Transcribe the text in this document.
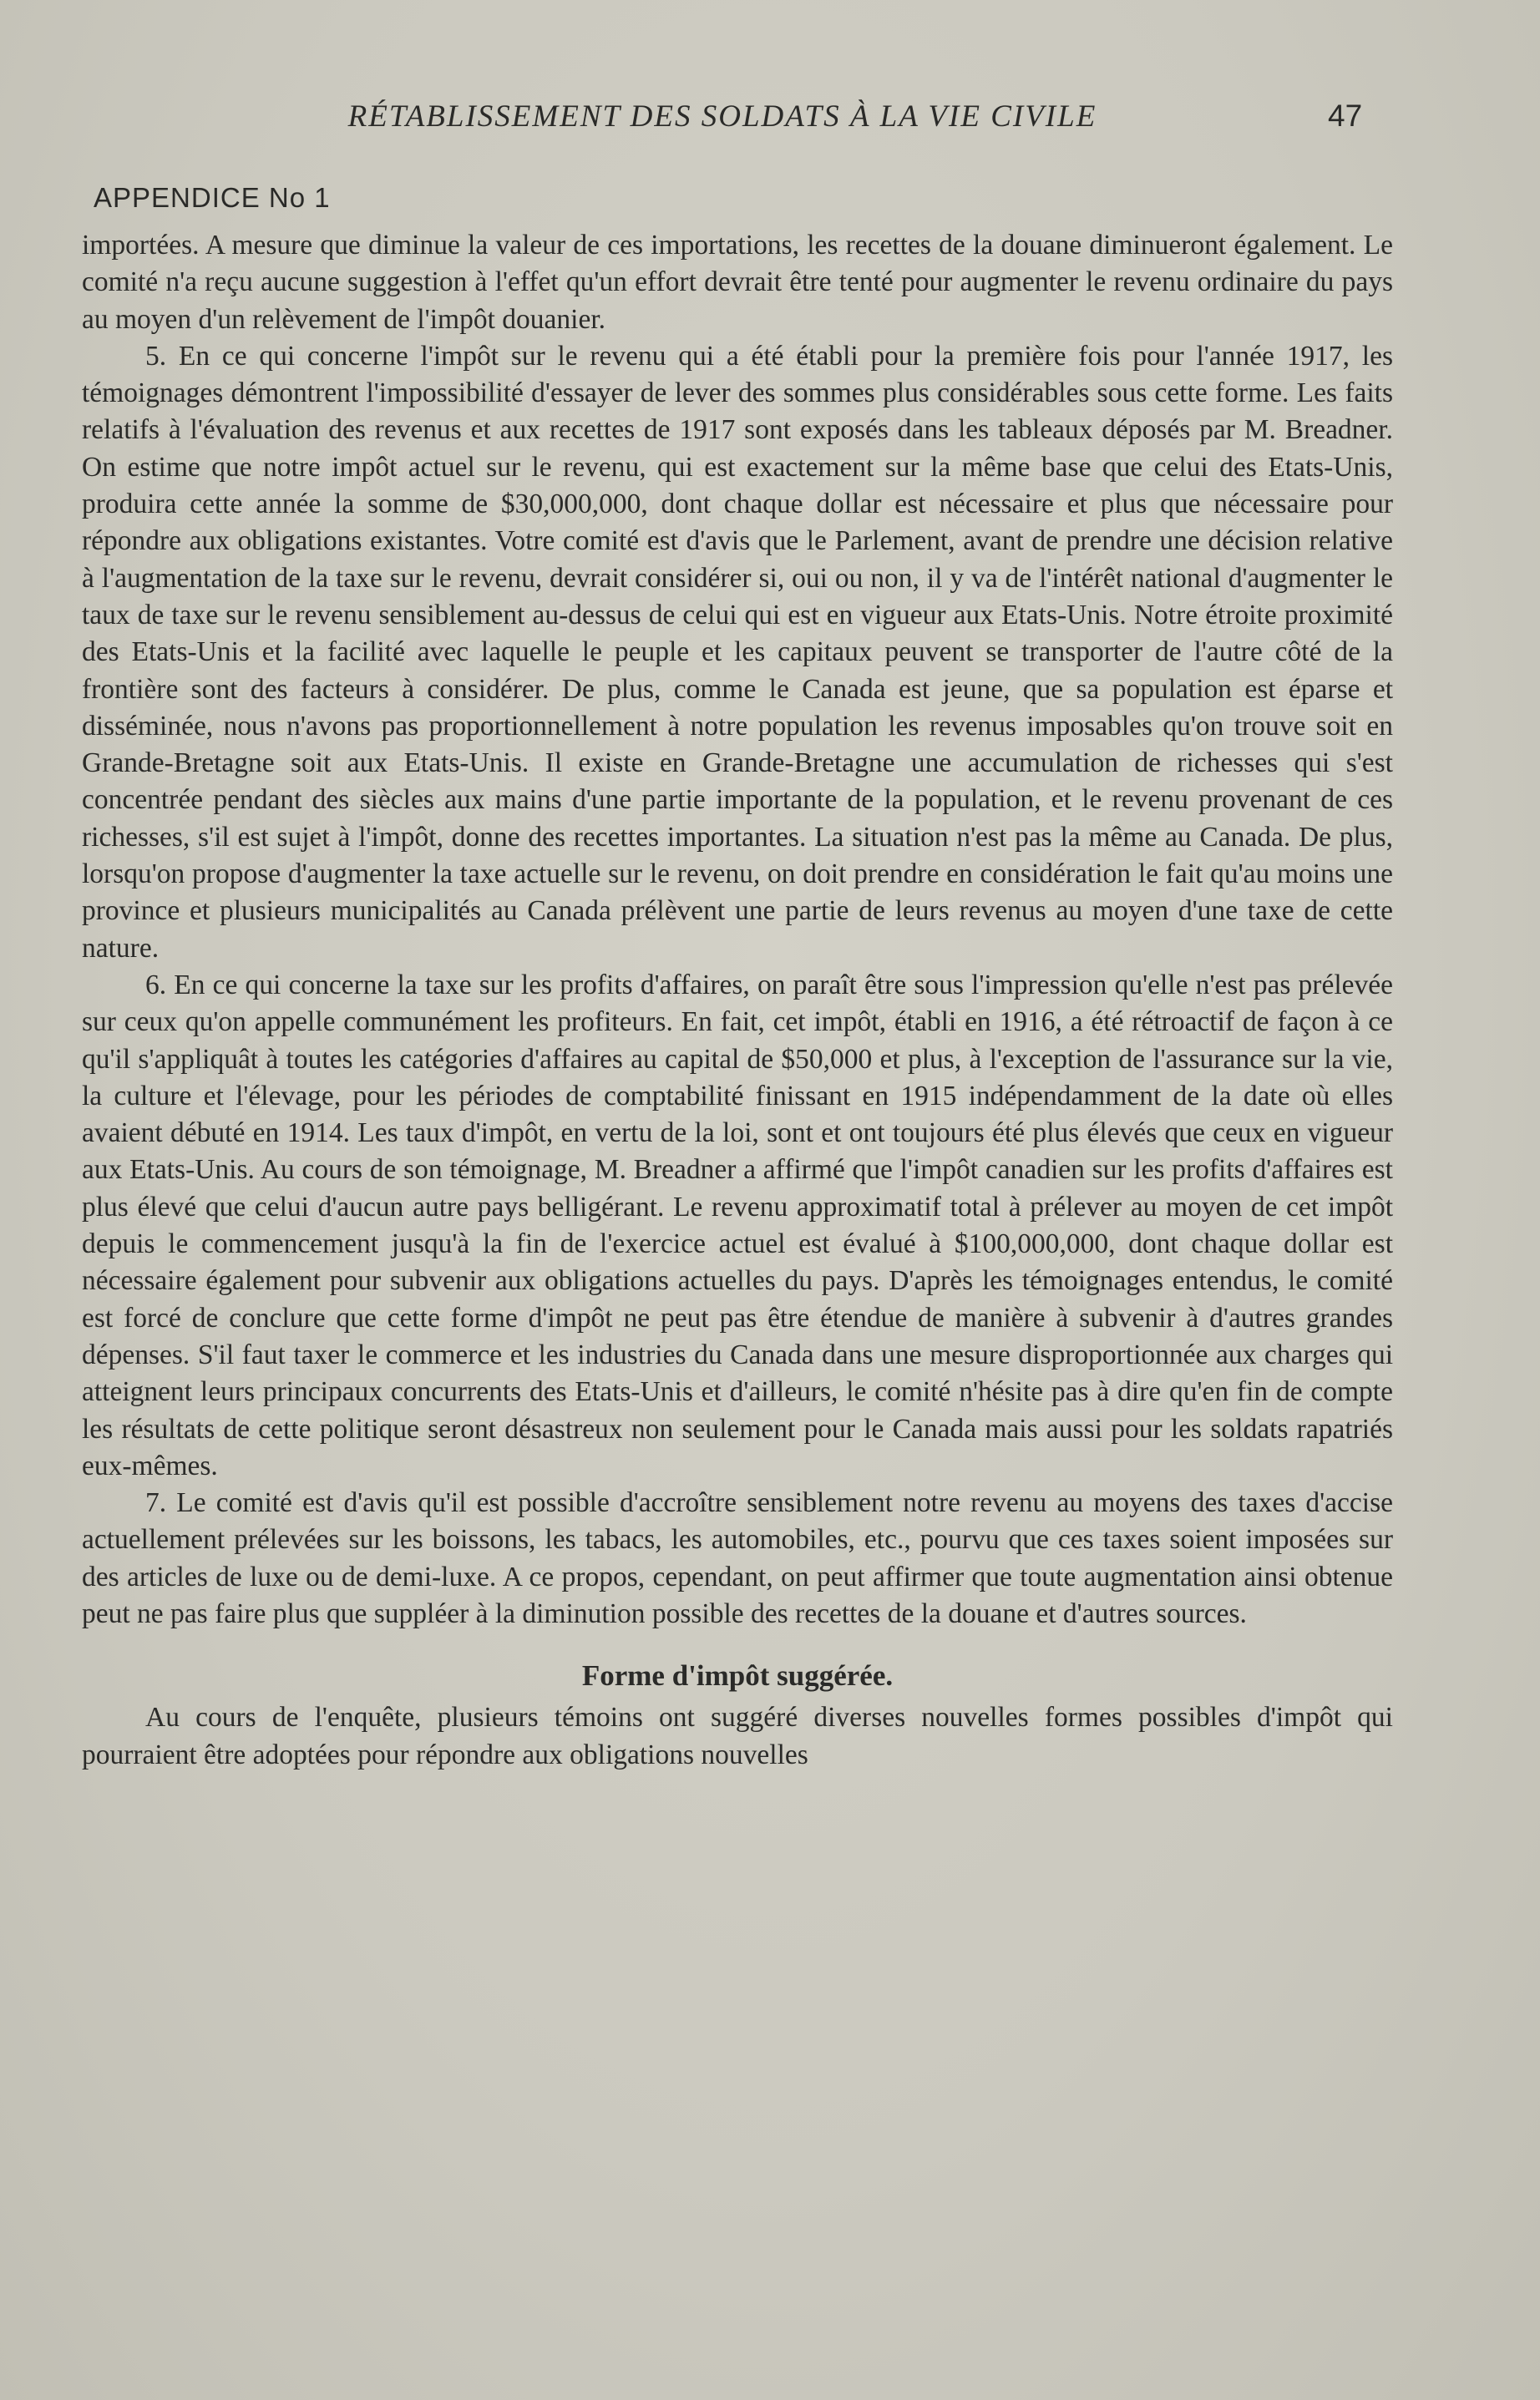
RÉTABLISSEMENT DES SOLDATS À LA VIE CIVILE	47
APPENDICE No 1

importées. A mesure que diminue la valeur de ces importations, les recettes de la douane diminueront également. Le comité n'a reçu aucune suggestion à l'effet qu'un effort devrait être tenté pour augmenter le revenu ordinaire du pays au moyen d'un relèvement de l'impôt douanier.

5. En ce qui concerne l'impôt sur le revenu qui a été établi pour la première fois pour l'année 1917, les témoignages démontrent l'impossibilité d'essayer de lever des sommes plus considérables sous cette forme. Les faits relatifs à l'évaluation des revenus et aux recettes de 1917 sont exposés dans les tableaux déposés par M. Breadner. On estime que notre impôt actuel sur le revenu, qui est exactement sur la même base que celui des Etats-Unis, produira cette année la somme de $30,000,000, dont chaque dollar est nécessaire et plus que nécessaire pour répondre aux obligations existantes. Votre comité est d'avis que le Parlement, avant de prendre une décision relative à l'augmentation de la taxe sur le revenu, devrait considérer si, oui ou non, il y va de l'intérêt national d'augmenter le taux de taxe sur le revenu sensiblement au-dessus de celui qui est en vigueur aux Etats-Unis. Notre étroite proximité des Etats-Unis et la facilité avec laquelle le peuple et les capitaux peuvent se transporter de l'autre côté de la frontière sont des facteurs à considérer. De plus, comme le Canada est jeune, que sa population est éparse et disséminée, nous n'avons pas proportionnellement à notre population les revenus imposables qu'on trouve soit en Grande-Bretagne soit aux Etats-Unis. Il existe en Grande-Bretagne une accumulation de richesses qui s'est concentrée pendant des siècles aux mains d'une partie importante de la population, et le revenu provenant de ces richesses, s'il est sujet à l'impôt, donne des recettes importantes. La situation n'est pas la même au Canada. De plus, lorsqu'on propose d'augmenter la taxe actuelle sur le revenu, on doit prendre en considération le fait qu'au moins une province et plusieurs municipalités au Canada prélèvent une partie de leurs revenus au moyen d'une taxe de cette nature.

6. En ce qui concerne la taxe sur les profits d'affaires, on paraît être sous l'impression qu'elle n'est pas prélevée sur ceux qu'on appelle communément les profiteurs. En fait, cet impôt, établi en 1916, a été rétroactif de façon à ce qu'il s'appliquât à toutes les catégories d'affaires au capital de $50,000 et plus, à l'exception de l'assurance sur la vie, la culture et l'élevage, pour les périodes de comptabilité finissant en 1915 indépendamment de la date où elles avaient débuté en 1914. Les taux d'impôt, en vertu de la loi, sont et ont toujours été plus élevés que ceux en vigueur aux Etats-Unis. Au cours de son témoignage, M. Breadner a affirmé que l'impôt canadien sur les profits d'affaires est plus élevé que celui d'aucun autre pays belligérant. Le revenu approximatif total à prélever au moyen de cet impôt depuis le commencement jusqu'à la fin de l'exercice actuel est évalué à $100,000,000, dont chaque dollar est nécessaire également pour subvenir aux obligations actuelles du pays. D'après les témoignages entendus, le comité est forcé de conclure que cette forme d'impôt ne peut pas être étendue de manière à subvenir à d'autres grandes dépenses. S'il faut taxer le commerce et les industries du Canada dans une mesure disproportionnée aux charges qui atteignent leurs principaux concurrents des Etats-Unis et d'ailleurs, le comité n'hésite pas à dire qu'en fin de compte les résultats de cette politique seront désastreux non seulement pour le Canada mais aussi pour les soldats rapatriés eux-mêmes.

7. Le comité est d'avis qu'il est possible d'accroître sensiblement notre revenu au moyens des taxes d'accise actuellement prélevées sur les boissons, les tabacs, les automobiles, etc., pourvu que ces taxes soient imposées sur des articles de luxe ou de demi-luxe. A ce propos, cependant, on peut affirmer que toute augmentation ainsi obtenue peut ne pas faire plus que suppléer à la diminution possible des recettes de la douane et d'autres sources.

Forme d'impôt suggérée.

Au cours de l'enquête, plusieurs témoins ont suggéré diverses nouvelles formes possibles d'impôt qui pourraient être adoptées pour répondre aux obligations nouvelles
